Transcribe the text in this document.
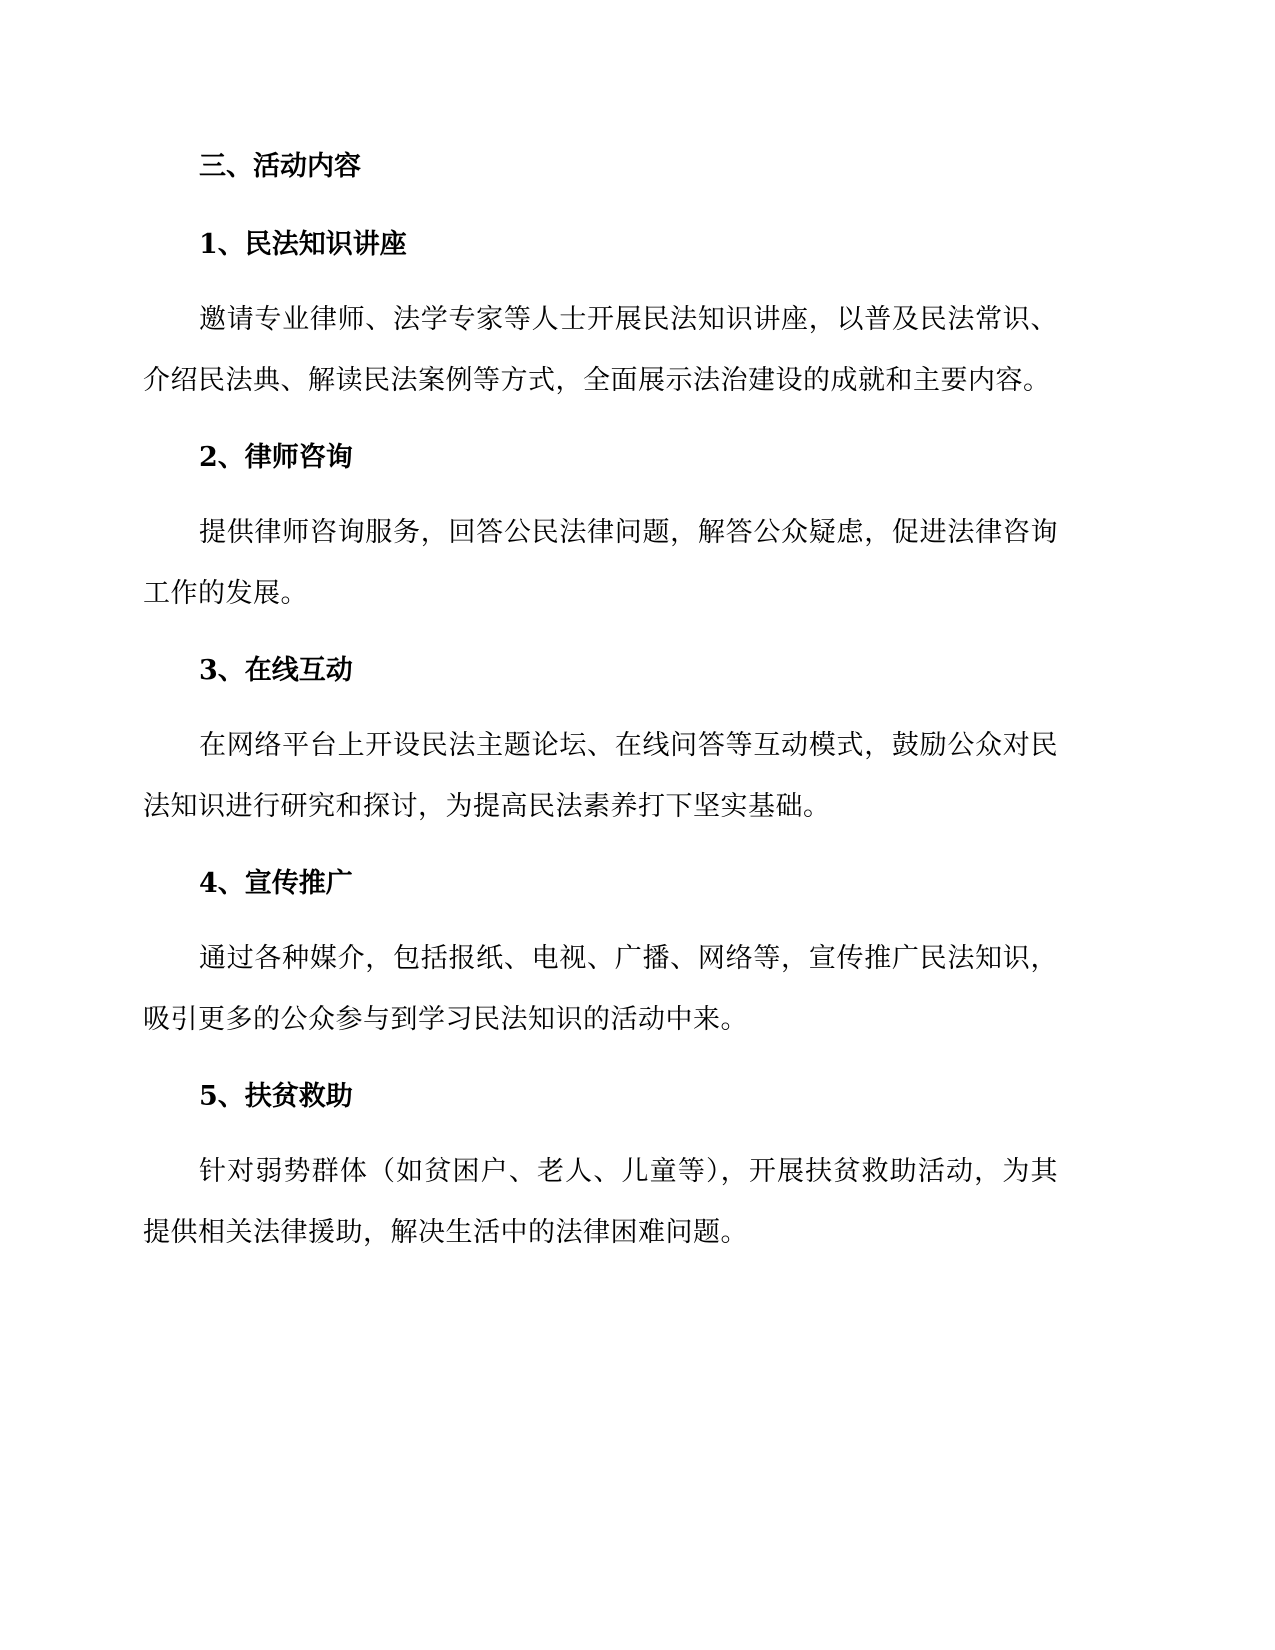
三、活动内容
1、民法知识讲座

邀请专业律师、法学专家等人士开展民法知识讲座，以普及民法常识、介绍民法典、解读民法案例等方式，全面展示法治建设的成就和主要内容。

2、律师咨询

提供律师咨询服务，回答公民法律问题，解答公众疑虑，促进法律咨询工作的发展。

3、在线互动

在网络平台上开设民法主题论坛、在线问答等互动模式，鼓励公众对民法知识进行研究和探讨，为提高民法素养打下坚实基础。

4、宣传推广

通过各种媒介，包括报纸、电视、广播、网络等，宣传推广民法知识，吸引更多的公众参与到学习民法知识的活动中来。

5、扶贫救助

针对弱势群体（如贫困户、老人、儿童等），开展扶贫救助活动，为其提供相关法律援助，解决生活中的法律困难问题。
